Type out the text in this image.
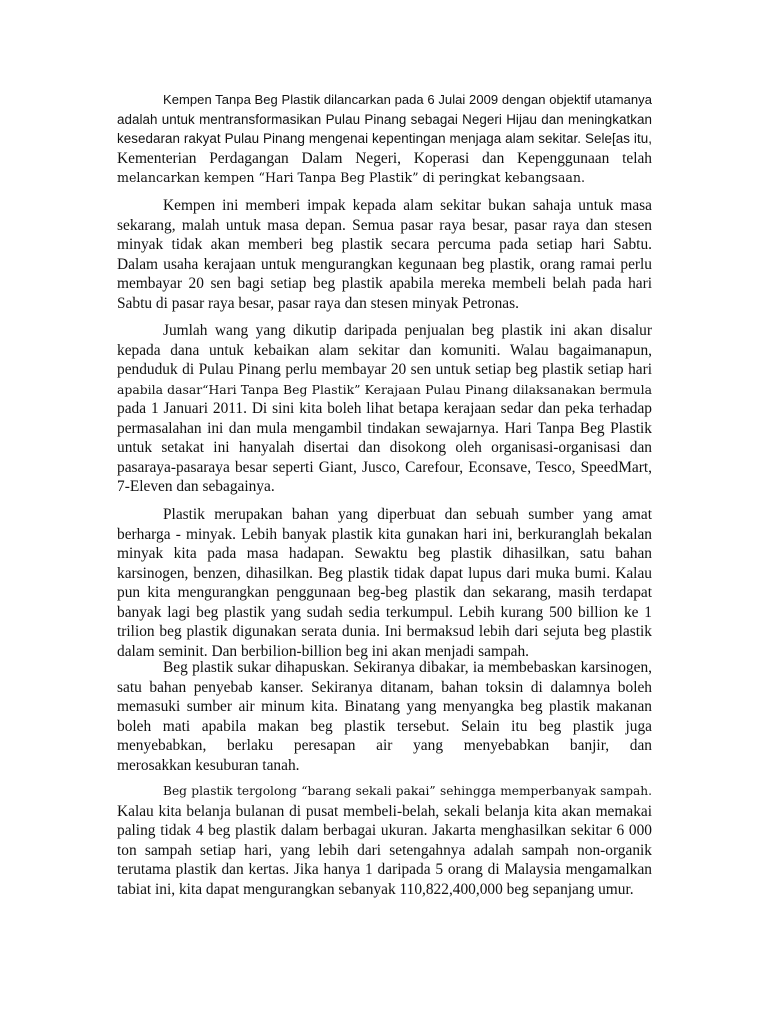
Kempen Tanpa Beg Plastik dilancarkan pada 6 Julai 2009 dengan objektif utamanya
adalah untuk mentransformasikan Pulau Pinang sebagai Negeri Hijau dan meningkatkan
kesedaran rakyat Pulau Pinang mengenai kepentingan menjaga alam sekitar. Sele[as itu,
Kementerian Perdagangan Dalam Negeri, Koperasi dan Kepenggunaan telah
melancarkan kempen “Hari Tanpa Beg Plastik” di peringkat kebangsaan.
Kempen ini memberi impak kepada alam sekitar bukan sahaja untuk masa
sekarang, malah untuk masa depan. Semua pasar raya besar, pasar raya dan stesen
minyak tidak akan memberi beg plastik secara percuma pada setiap hari Sabtu.
Dalam usaha kerajaan untuk mengurangkan kegunaan beg plastik, orang ramai perlu
membayar 20 sen bagi setiap beg plastik apabila mereka membeli belah pada hari
Sabtu di pasar raya besar, pasar raya dan stesen minyak Petronas.
Jumlah wang yang dikutip daripada penjualan beg plastik ini akan disalur
kepada dana untuk kebaikan alam sekitar dan komuniti. Walau bagaimanapun,
penduduk di Pulau Pinang perlu membayar 20 sen untuk setiap beg plastik setiap hari
apabila dasar“Hari Tanpa Beg Plastik” Kerajaan Pulau Pinang dilaksanakan bermula
pada 1 Januari 2011. Di sini kita boleh lihat betapa kerajaan sedar dan peka terhadap
permasalahan ini dan mula mengambil tindakan sewajarnya. Hari Tanpa Beg Plastik
untuk setakat ini hanyalah disertai dan disokong oleh organisasi-organisasi dan
pasaraya-pasaraya besar seperti Giant, Jusco, Carefour, Econsave, Tesco, SpeedMart,
7-Eleven dan sebagainya.
Plastik merupakan bahan yang diperbuat dan sebuah sumber yang amat
berharga - minyak. Lebih banyak plastik kita gunakan hari ini, berkuranglah bekalan
minyak kita pada masa hadapan. Sewaktu beg plastik dihasilkan, satu bahan
karsinogen, benzen, dihasilkan. Beg plastik tidak dapat lupus dari muka bumi. Kalau
pun kita mengurangkan penggunaan beg-beg plastik dan sekarang, masih terdapat
banyak lagi beg plastik yang sudah sedia terkumpul. Lebih kurang 500 billion ke 1
trilion beg plastik digunakan serata dunia. Ini bermaksud lebih dari sejuta beg plastik
dalam seminit. Dan berbilion-billion beg ini akan menjadi sampah.
Beg plastik sukar dihapuskan. Sekiranya dibakar, ia membebaskan karsinogen,
satu bahan penyebab kanser. Sekiranya ditanam, bahan toksin di dalamnya boleh
memasuki sumber air minum kita. Binatang yang menyangka beg plastik makanan
boleh mati apabila makan beg plastik tersebut. Selain itu beg plastik juga
menyebabkan, berlaku peresapan air yang menyebabkan banjir, dan
merosakkan kesuburan tanah.
Beg plastik tergolong “barang sekali pakai” sehingga memperbanyak sampah.
Kalau kita belanja bulanan di pusat membeli-belah, sekali belanja kita akan memakai
paling tidak 4 beg plastik dalam berbagai ukuran. Jakarta menghasilkan sekitar 6 000
ton sampah setiap hari, yang lebih dari setengahnya adalah sampah non-organik
terutama plastik dan kertas. Jika hanya 1 daripada 5 orang di Malaysia mengamalkan
tabiat ini, kita dapat mengurangkan sebanyak 110,822,400,000 beg sepanjang umur.
